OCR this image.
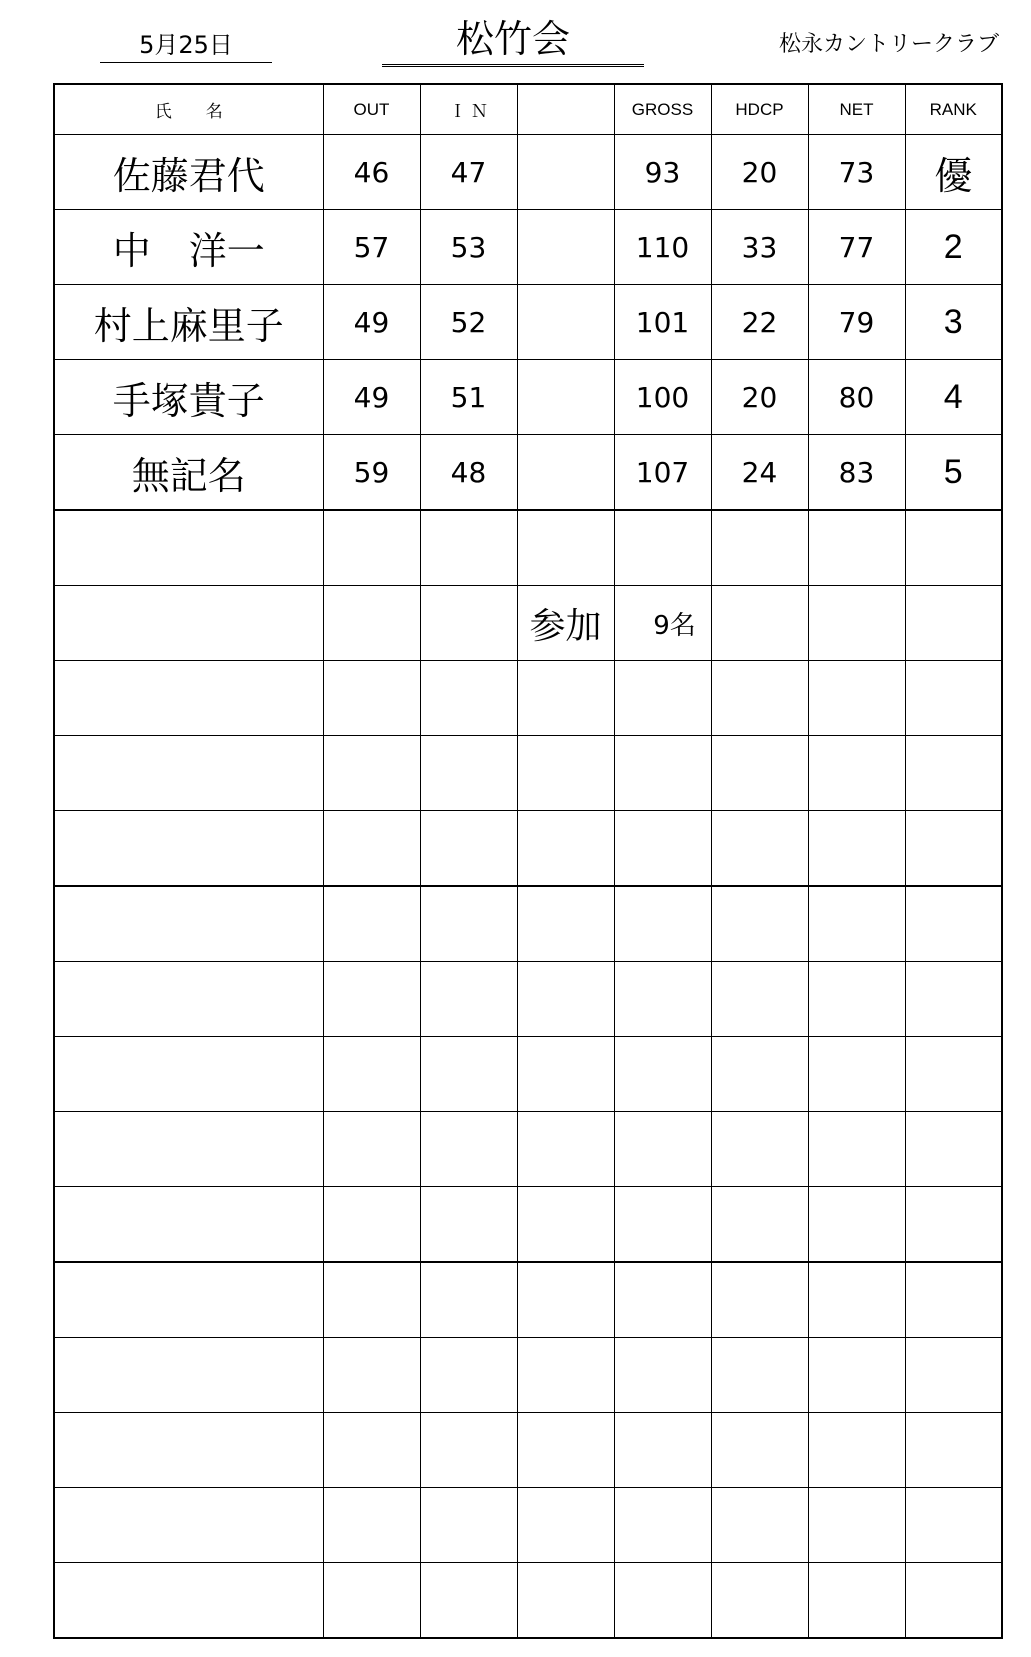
5月25日	松竹会	松永カントリークラブ
氏　　名	OUT	Ｉ Ｎ		GROSS	HDCP	NET	RANK
佐藤君代	46	47		93	20	73	優
中　洋一	57	53		110	33	77	2
村上麻里子	49	52		101	22	79	3
手塚貴子	49	51		100	20	80	4
無記名	59	48		107	24	83	5

			参加	9名			
